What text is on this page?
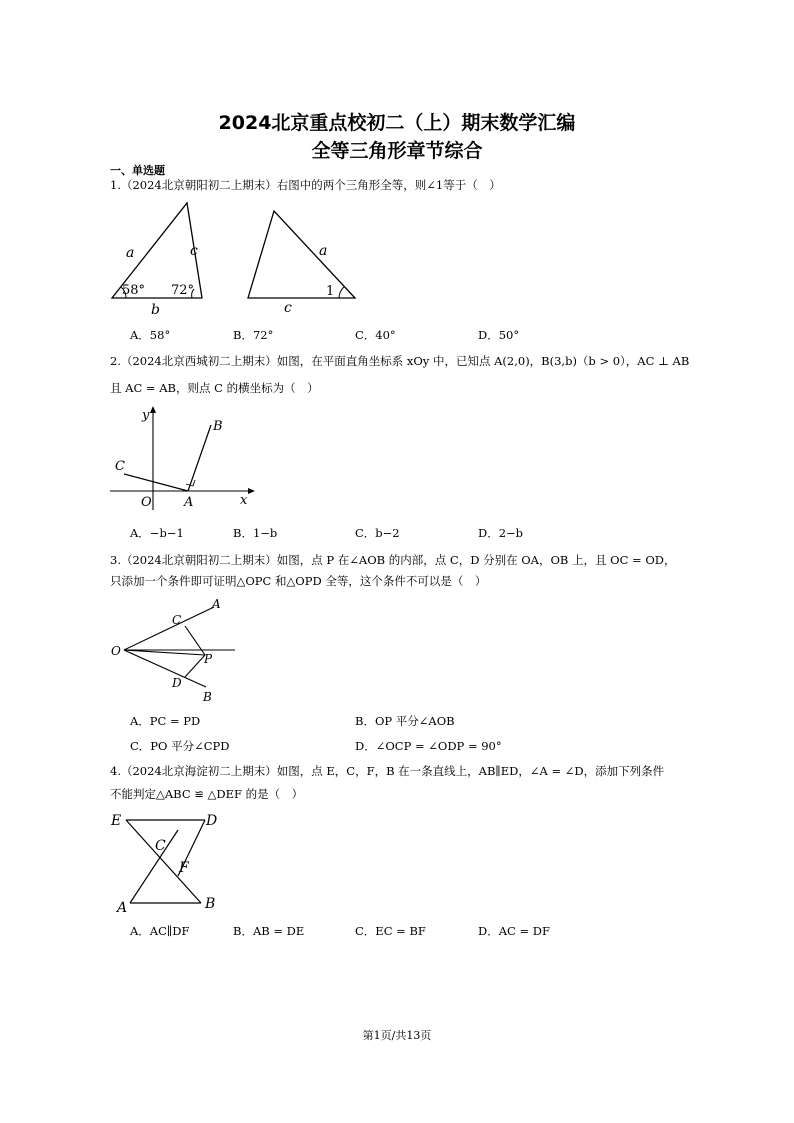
2024北京重点校初二（上）期末数学汇编
全等三角形章节综合
一、单选题
1.（2024北京朝阳初二上期末）右图中的两个三角形全等，则∠1等于（　）
a	c
b
58° 72°
a
c
1
A．58°	B．72°	C．40°	D．50°
2.（2024北京西城初二上期末）如图，在平面直角坐标系 xOy 中，已知点 A(2,0)，B(3,b)（b > 0），AC ⊥ AB
且 AC = AB，则点 C 的横坐标为（　）
y
x
O A
B
C
A．−b−1	B．1−b	C．b−2	D．2−b
3.（2024北京朝阳初二上期末）如图，点 P 在∠AOB 的内部，点 C，D 分别在 OA，OB 上，且 OC = OD，
只添加一个条件即可证明△OPC 和△OPD 全等，这个条件不可以是（　）
O
A
B
C
D
P
A．PC = PD	B．OP 平分∠AOB
C．PO 平分∠CPD	D．∠OCP = ∠ODP = 90°
4.（2024北京海淀初二上期末）如图，点 E，C，F，B 在一条直线上，AB∥ED，∠A = ∠D，添加下列条件
不能判定△ABC ≌ △DEF 的是（　）
E	D
C
F
A	B
A．AC∥DF	B．AB = DE	C．EC = BF	D．AC = DF
第1页/共13页
